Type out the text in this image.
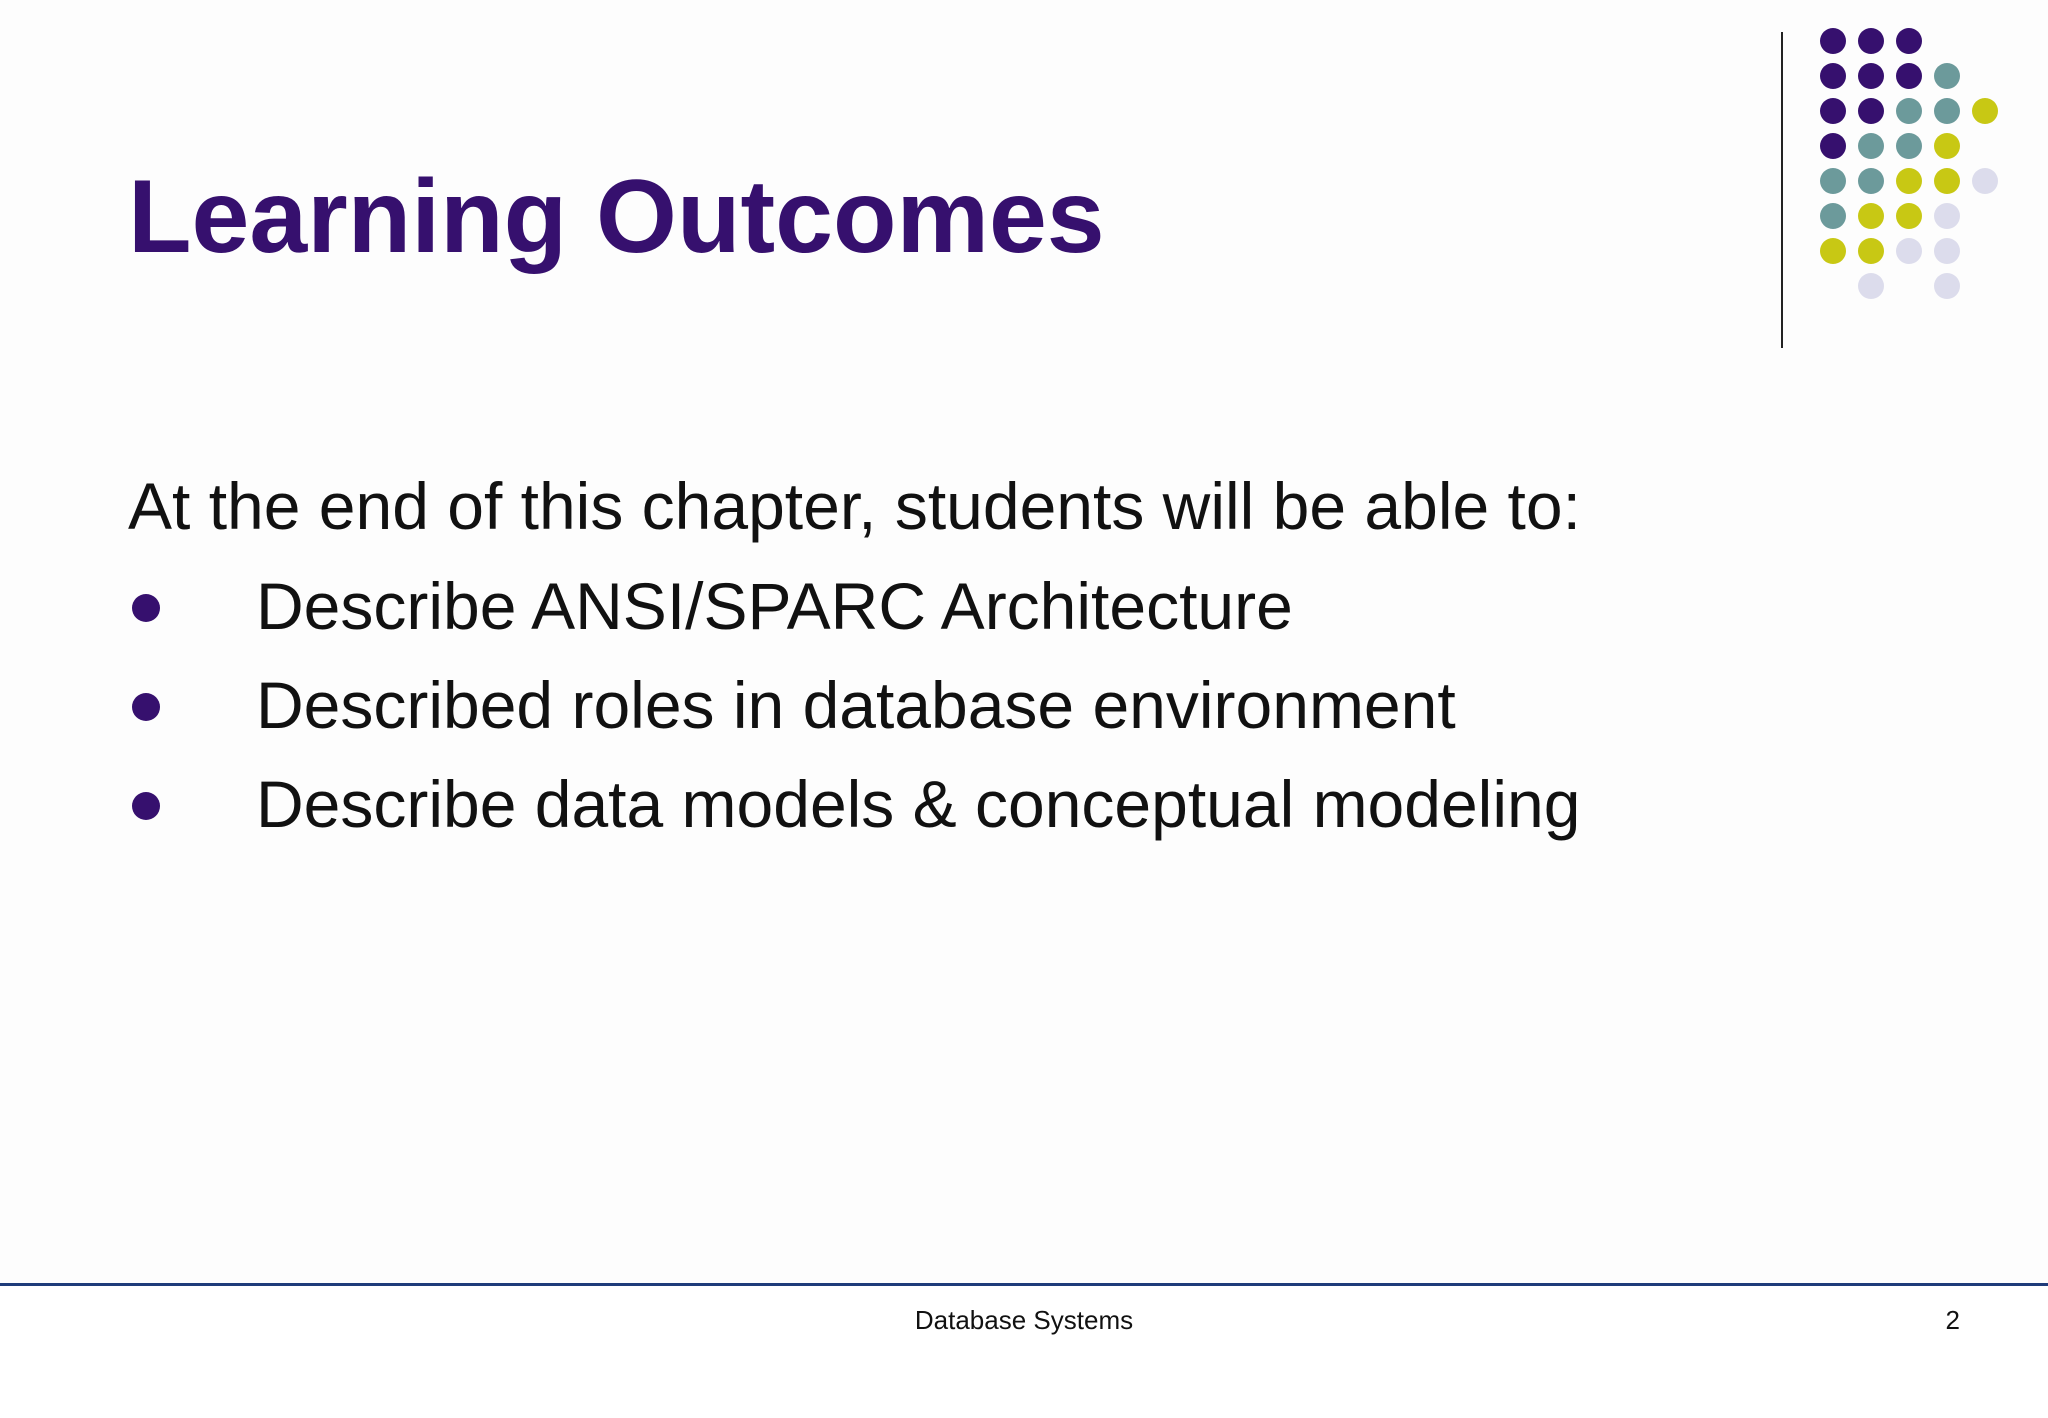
Learning Outcomes

At the end of this chapter, students will be able to:

Describe ANSI/SPARC Architecture
Described roles in database environment
Describe data models & conceptual modeling
Database Systems	2
